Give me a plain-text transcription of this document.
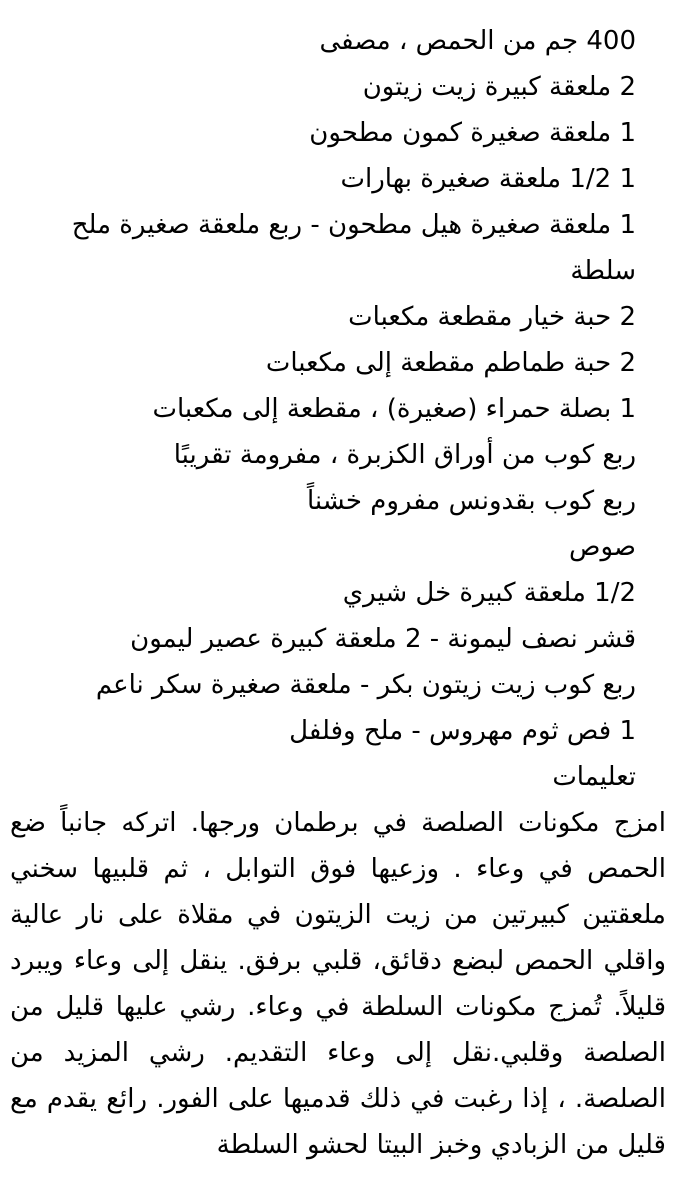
400 جم من الحمص ، مصفى
2 ملعقة كبيرة زيت زيتون
1 ملعقة صغيرة كمون مطحون
1 1/2 ملعقة صغيرة بهارات
1 ملعقة صغيرة هيل مطحون - ربع ملعقة صغيرة ملح
سلطة
2 حبة خيار مقطعة مكعبات
2 حبة طماطم مقطعة إلى مكعبات
1 بصلة حمراء (صغيرة) ، مقطعة إلى مكعبات
ربع كوب من أوراق الكزبرة ، مفرومة تقريبًا
ربع كوب بقدونس مفروم خشناً
صوص
1/2 ملعقة كبيرة خل شيري
قشر نصف ليمونة - 2 ملعقة كبيرة عصير ليمون
ربع كوب زيت زيتون بكر - ملعقة صغيرة سكر ناعم
1 فص ثوم مهروس - ملح وفلفل
تعليمات
امزج مكونات الصلصة في برطمان ورجها. اتركه جانباً ضع الحمص في وعاء . وزعيها فوق التوابل ، ثم قلبيها سخني ملعقتين كبيرتين من زيت الزيتون في مقلاة على نار عالية واقلي الحمص لبضع دقائق، قلبي برفق. ينقل إلى وعاء ويبرد قليلاً. تُمزج مكونات السلطة في وعاء. رشي عليها قليل من الصلصة وقلبي.نقل إلى وعاء التقديم. رشي المزيد من الصلصة. ، إذا رغبت في ذلك قدميها على الفور. رائع يقدم مع قليل من الزبادي وخبز البيتا لحشو السلطة
